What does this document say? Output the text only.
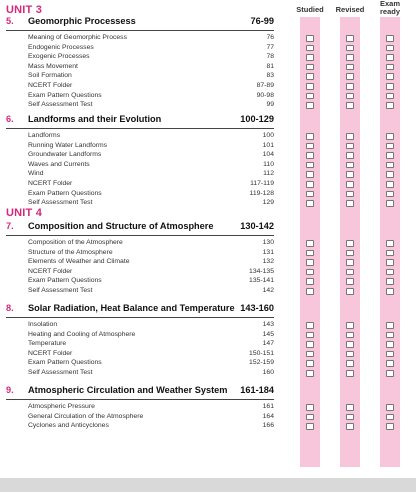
Studied	Revised
Exam ready
UNIT 3
5. Geomorphic Processess	76-99
Meaning of Geomorphic Process	76
Endogenic Processes	77
Exogenic Processes	78
Mass Movement	81
Soil Formation	83
NCERT Folder	87-89
Exam Pattern Questions	90-98
Self Assessment Test	99
6. Landforms and their Evolution	100-129
Landforms	100
Running Water Landforms	101
Groundwater Landforms	104
Waves and Currents	110
Wind	112
NCERT Folder	117-119
Exam Pattern Questions	119-128
Self Assessment Test	129
UNIT 4
7. Composition and Structure of Atmosphere	130-142
Composition of the Atmosphere	130
Structure of the Atmosphere	131
Elements of Weather and Climate	132
NCERT Folder	134-135
Exam Pattern Questions	135-141
Self Assessment Test	142
8. Solar Radiation, Heat Balance and Temperature 143-160
Insolation	143
Heating and Cooling of Atmosphere	145
Temperature	147
NCERT Folder	150-151
Exam Pattern Questions	152-159
Self Assessment Test	160
9. Atmospheric Circulation and Weather System 161-184
Atmospheric Pressure	161
General Circulation of the Atmosphere	164
Cyclones and Anticyclones	166
